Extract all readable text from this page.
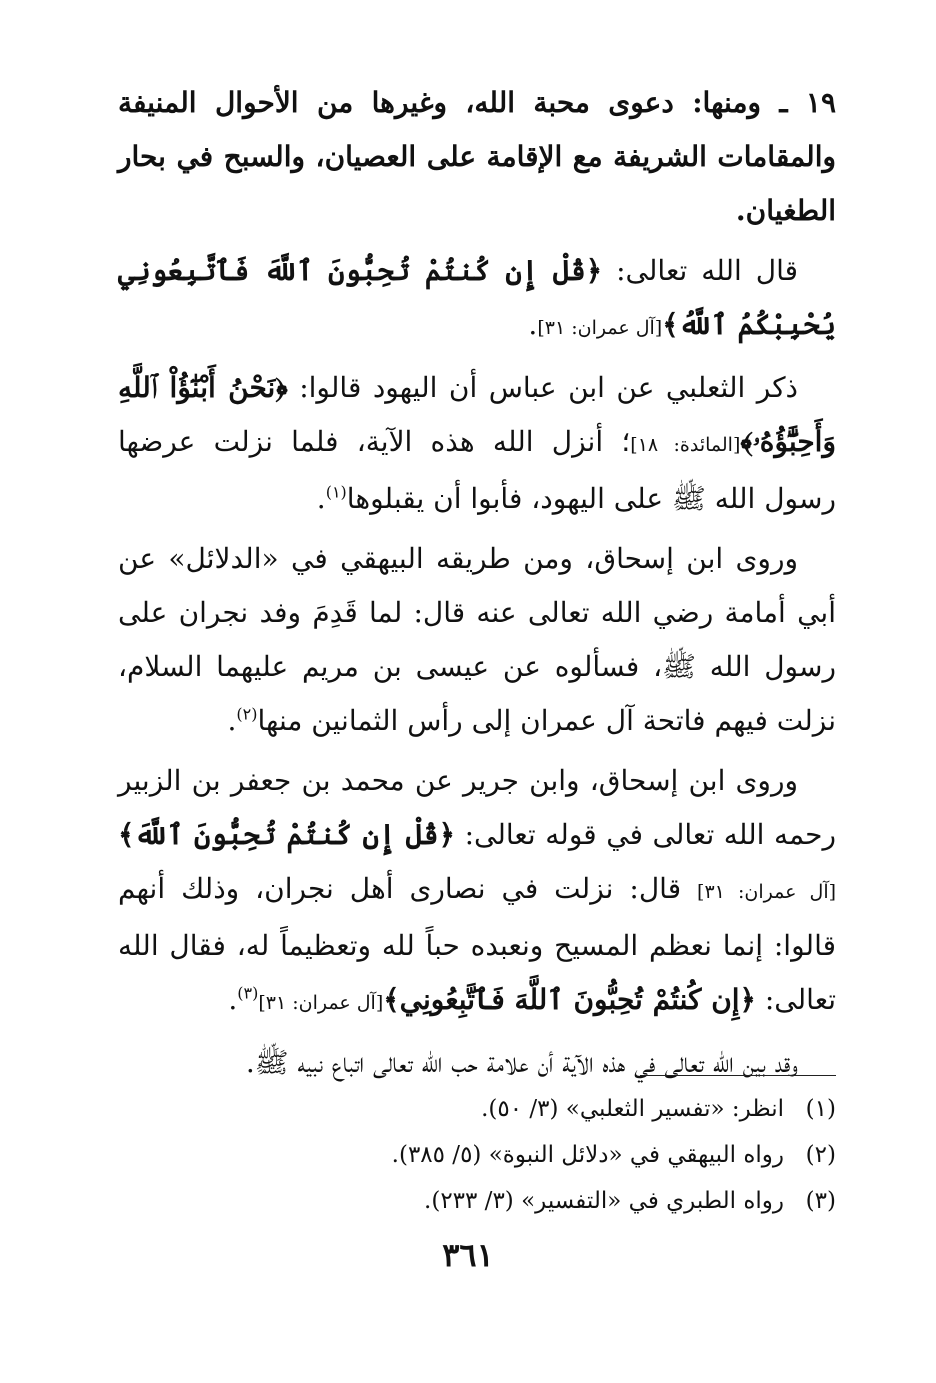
١٩ ـ ومنها: دعوى محبة الله، وغيرها من الأحوال المنيفة والمقامات الشريفة مع الإقامة على العصيان، والسبح في بحار الطغيان.

قال الله تعالى: ﴿قُلْ إِن كُنتُمْ تُحِبُّونَ ٱللَّهَ فَٱتَّبِعُونِي يُحْبِبْكُمُ ٱللَّهُ﴾[آل عمران: ٣١].

ذكر الثعلبي عن ابن عباس أن اليهود قالوا: ﴿نَحْنُ أَبْنَٰٓؤُاْ ٱللَّهِ وَأَحِبَّٰٓؤُهُۥ﴾[المائدة: ١٨]؛ أنزل الله هذه الآية، فلما نزلت عرضها رسول الله ﷺ على اليهود، فأبوا أن يقبلوها$^{(١)}$.

وروى ابن إسحاق، ومن طريقه البيهقي في «الدلائل» عن أبي أمامة رضي الله تعالى عنه قال: لما قَدِمَ وفد نجران على رسول الله ﷺ، فسألوه عن عيسى بن مريم عليهما السلام، نزلت فيهم فاتحة آل عمران إلى رأس الثمانين منها$^{(٢)}$.

وروى ابن إسحاق، وابن جرير عن محمد بن جعفر بن الزبير رحمه الله تعالى في قوله تعالى: ﴿قُلْ إِن كُنتُمْ تُحِبُّونَ ٱللَّهَ﴾[آل عمران: ٣١] قال: نزلت في نصارى أهل نجران، وذلك أنهم قالوا: إنما نعظم المسيح ونعبده حباً لله وتعظيماً له، فقال الله تعالى: ﴿إِن كُنتُمْ تُحِبُّونَ ٱللَّهَ فَٱتَّبِعُونِي﴾[آل عمران: ٣١]$^{(٣)}$.

وقد بين الله تعالى في هذه الآية أن علامة حب الله تعالى اتباع نبيه ﷺ.

(١)انظر: «تفسير الثعلبي» (٣/ ٥٠).
(٢)رواه البيهقي في «دلائل النبوة» (٥/ ٣٨٥).
(٣)رواه الطبري في «التفسير» (٣/ ٢٣٣).
٣٦١
